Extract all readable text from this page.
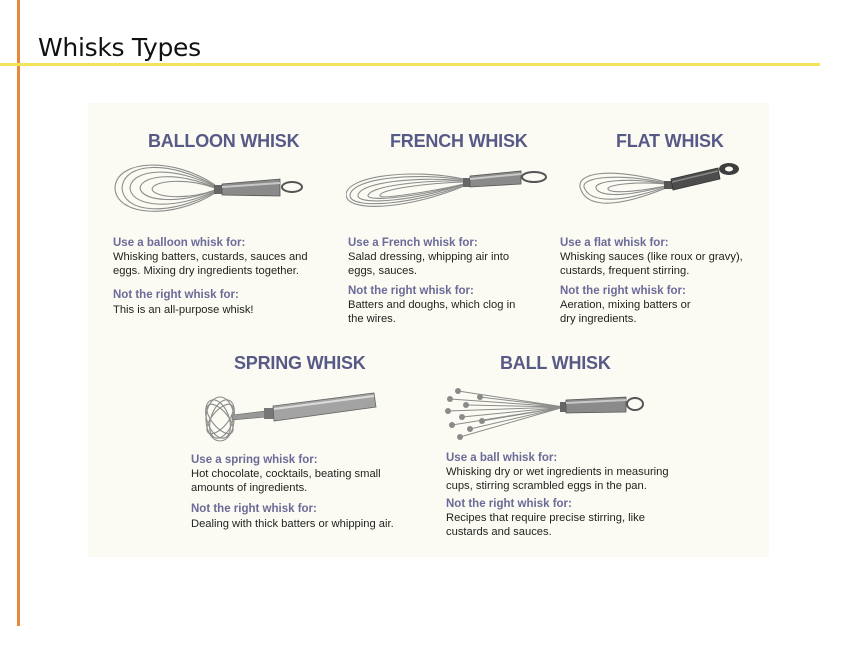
Whisks Types
BALLOON WHISK
Use a balloon whisk for:
Whisking batters, custards, sauces and eggs. Mixing dry ingredients together.
Not the right whisk for:
This is an all-purpose whisk!
FRENCH WHISK
Use a French whisk for:
Salad dressing, whipping air into eggs, sauces.
Not the right whisk for:
Batters and doughs, which clog in the wires.
FLAT WHISK
Use a flat whisk for:
Whisking sauces (like roux or gravy), custards, frequent stirring.
Not the right whisk for:
Aeration, mixing batters or dry ingredients.
SPRING WHISK
Use a spring whisk for:
Hot chocolate, cocktails, beating small amounts of ingredients.
Not the right whisk for:
Dealing with thick batters or whipping air.
BALL WHISK
Use a ball whisk for:
Whisking dry or wet ingredients in measuring cups, stirring scrambled eggs in the pan.
Not the right whisk for:
Recipes that require precise stirring, like custards and sauces.
